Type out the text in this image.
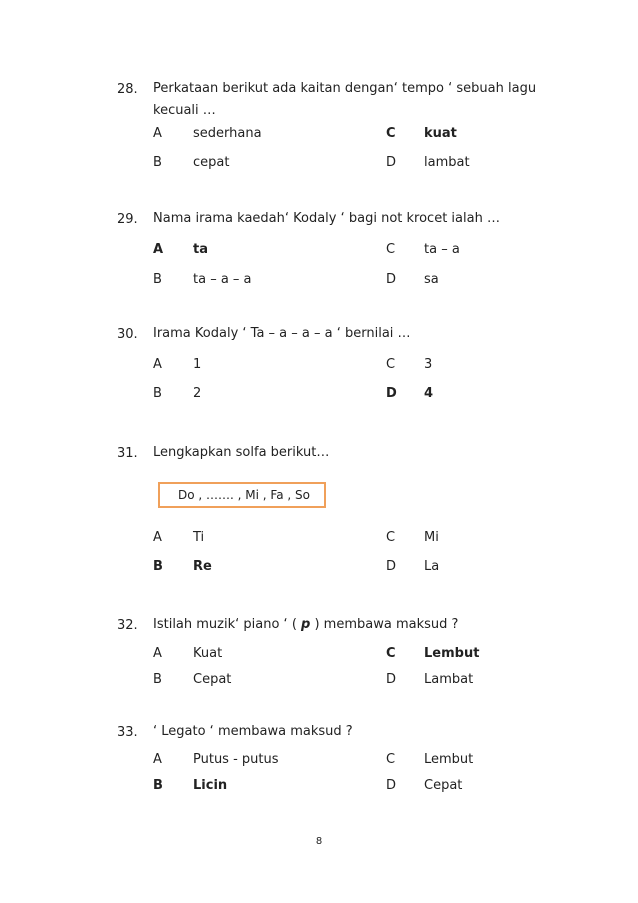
28. Perkataan berikut ada kaitan dengan‘ tempo ‘ sebuah lagu kecuali …
A sederhana	C kuat
B cepat	D lambat
29. Nama irama kaedah‘ Kodaly ‘ bagi not krocet ialah …
A ta	C ta – a
B ta – a – a	D sa
30. Irama Kodaly ‘ Ta – a – a – a ‘ bernilai …
A 1	C 3
B 2	D 4
31. Lengkapkan solfa berikut…
Do , ……. , Mi , Fa , So
A Ti	C Mi
B Re	D La
32. Istilah muzik‘ piano ‘ ( p ) membawa maksud ?
A Kuat	C Lembut
B Cepat	D Lambat
33. ‘ Legato ‘ membawa maksud ?
A Putus - putus	C Lembut
B Licin	D Cepat
8
